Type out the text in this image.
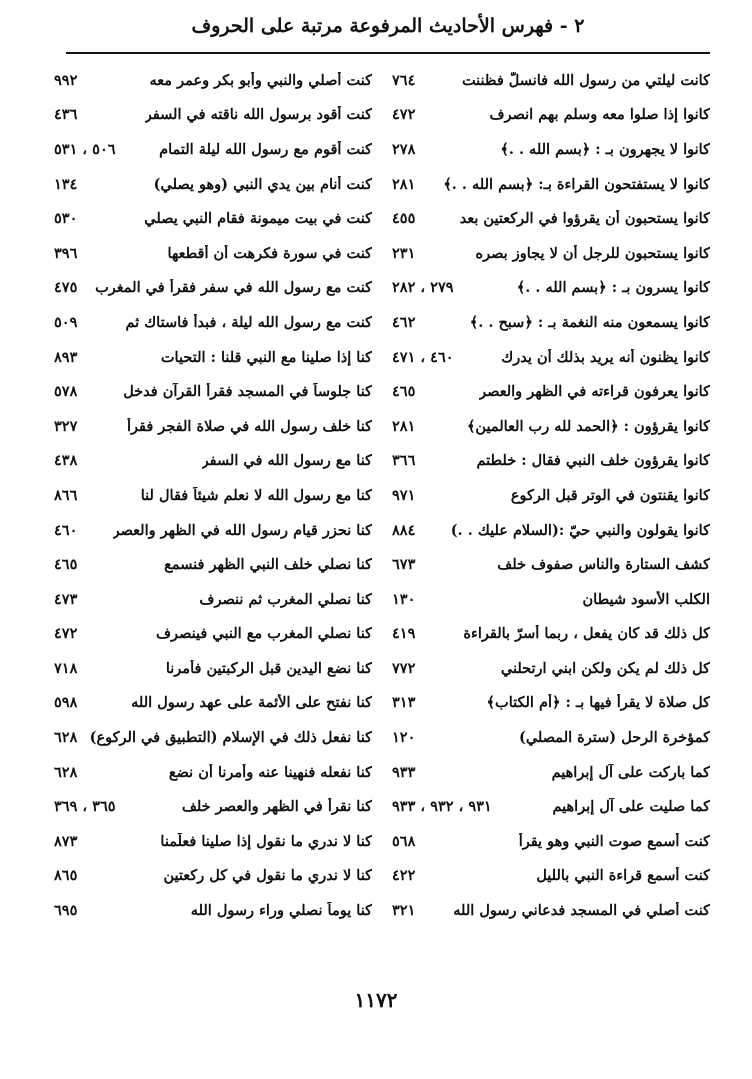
٢ - فهرس الأحاديث المرفوعة مرتبة على الحروف
كانت ليلتي من رسول الله فانسلّ فظننت
٧٦٤
كانوا إذا صلوا معه وسلم بهم انصرف
٤٧٢
كانوا لا يجهرون بـ : ﴿بسم الله . .﴾
٢٧٨
كانوا لا يستفتحون القراءة بـ: ﴿بسم الله . .﴾
٢٨١
كانوا يستحبون أن يقرؤوا في الركعتين بعد
٤٥٥
كانوا يستحبون للرجل أن لا يجاوز بصره
٢٣١
كانوا يسرون بـ : ﴿بسم الله . .﴾
٢٧٩ ، ٢٨٢
كانوا يسمعون منه النغمة بـ : ﴿سبح . .﴾
٤٦٢
كانوا يظنون أنه يريد بذلك أن يدرك
٤٦٠ ، ٤٧١
كانوا يعرفون قراءته في الظهر والعصر
٤٦٥
كانوا يقرؤون : ﴿الحمد لله رب العالمين﴾
٢٨١
كانوا يقرؤون خلف النبي فقال : خلطتم
٣٦٦
كانوا يقنتون في الوتر قبل الركوع
٩٧١
كانوا يقولون والنبي حيّ :(السلام عليك . .)
٨٨٤
كشف الستارة والناس صفوف خلف
٦٧٣
الكلب الأسود شيطان
١٣٠
كل ذلك قد كان يفعل ، ربما أسرّ بالقراءة
٤١٩
كل ذلك لم يكن ولكن ابني ارتحلني
٧٧٢
كل صلاة لا يقرأ فيها بـ : ﴿أم الكتاب﴾
٣١٣
كمؤخرة الرحل (سترة المصلي)
١٢٠
كما باركت على آل إبراهيم
٩٣٣
كما صليت على آل إبراهيم
٩٣١ ، ٩٣٢ ، ٩٣٣
كنت أسمع صوت النبي وهو يقرأ
٥٦٨
كنت أسمع قراءة النبي بالليل
٤٢٢
كنت أصلي في المسجد فدعاني رسول الله
٣٢١
كنت أصلي والنبي وأبو بكر وعمر معه
٩٩٢
كنت أقود برسول الله ناقته في السفر
٤٣٦
كنت أقوم مع رسول الله ليلة التمام
٥٠٦ ، ٥٣١
كنت أنام بين يدي النبي (وهو يصلي)
١٣٤
كنت في بيت ميمونة فقام النبي يصلي
٥٣٠
كنت في سورة فكرهت أن أقطعها
٣٩٦
كنت مع رسول الله في سفر فقرأ في المغرب
٤٧٥
كنت مع رسول الله ليلة ، فبدأ فاستاك ثم
٥٠٩
كنا إذا صلينا مع النبي قلنا : التحيات
٨٩٣
كنا جلوساً في المسجد فقرأ القرآن فدخل
٥٧٨
كنا خلف رسول الله في صلاة الفجر فقرأ
٣٢٧
كنا مع رسول الله في السفر
٤٣٨
كنا مع رسول الله لا نعلم شيئاً فقال لنا
٨٦٦
كنا نحزر قيام رسول الله في الظهر والعصر
٤٦٠
كنا نصلي خلف النبي الظهر فنسمع
٤٦٥
كنا نصلي المغرب ثم ننصرف
٤٧٣
كنا نصلي المغرب مع النبي فينصرف
٤٧٢
كنا نضع اليدين قبل الركبتين فأُمرنا
٧١٨
كنا نفتح على الأئمة على عهد رسول الله
٥٩٨
كنا نفعل ذلك في الإسلام (التطبيق في الركوع)
٦٢٨
كنا نفعله فنهينا عنه وأمرنا أن نضع
٦٢٨
كنا نقرأ في الظهر والعصر خلف
٣٦٥ ، ٣٦٩
كنا لا ندري ما نقول إذا صلينا فعلّمنا
٨٧٣
كنا لا ندري ما نقول في كل ركعتين
٨٦٥
كنا يوماً نصلي وراء رسول الله
٦٩٥
١١٧٢
